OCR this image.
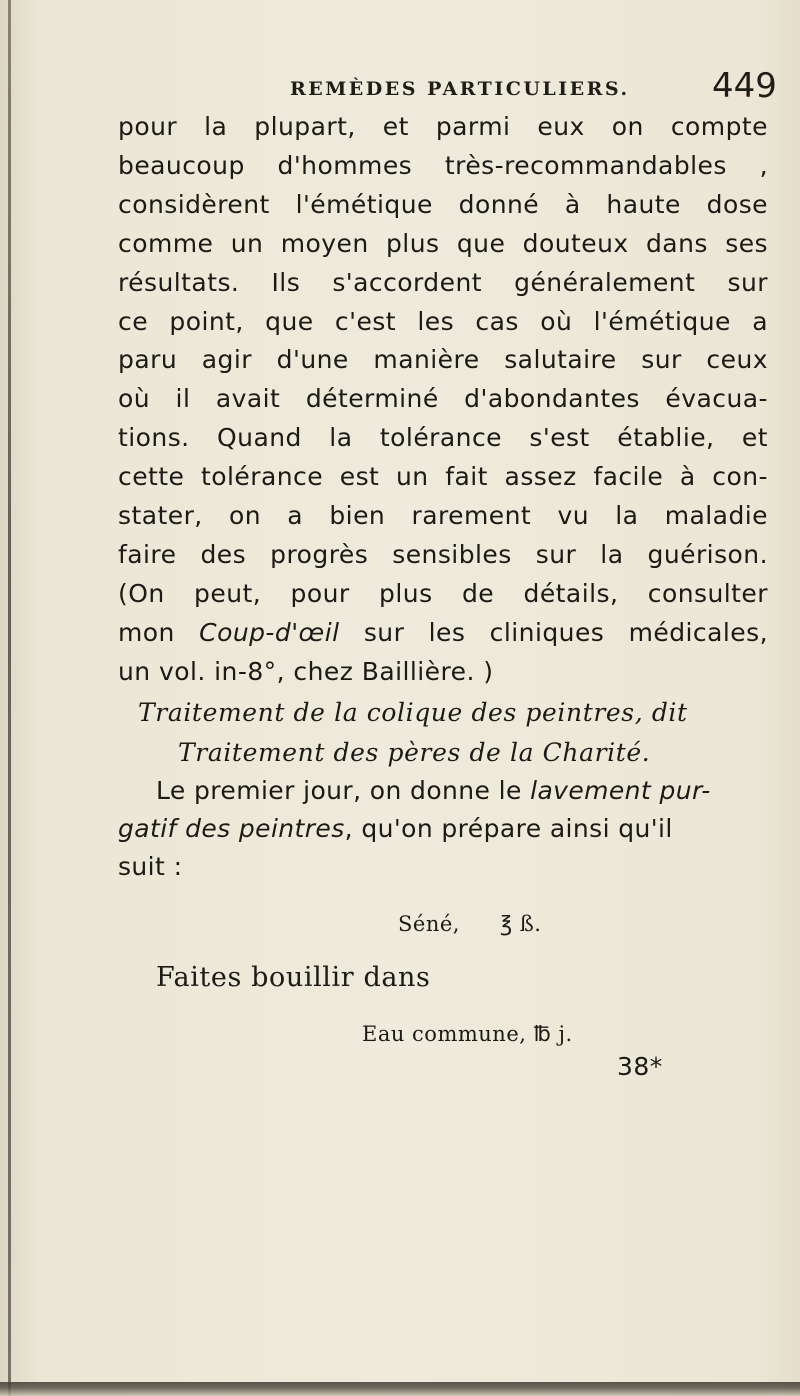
REMÈDES PARTICULIERS. 449
pour la plupart, et parmi eux on compte
beaucoup d'hommes très-recommandables ,
considèrent l'émétique donné à haute dose
comme un moyen plus que douteux dans ses
résultats. Ils s'accordent généralement sur
ce point, que c'est les cas où l'émétique a
paru agir d'une manière salutaire sur ceux
où il avait déterminé d'abondantes évacua-
tions. Quand la tolérance s'est établie, et
cette tolérance est un fait assez facile à con-
stater, on a bien rarement vu la maladie
faire des progrès sensibles sur la guérison.
(On peut, pour plus de détails, consulter
mon Coup-d'œil sur les cliniques médicales,
un vol. in-8°, chez Baillière. )
Traitement de la colique des peintres, dit
Traitement des pères de la Charité.
Le premier jour, on donne le lavement pur-
gatif des peintres, qu'on prépare ainsi qu'il
suit :
Séné, ℥ ß.
Faites bouillir dans
Eau commune, ℔ j.
38*
